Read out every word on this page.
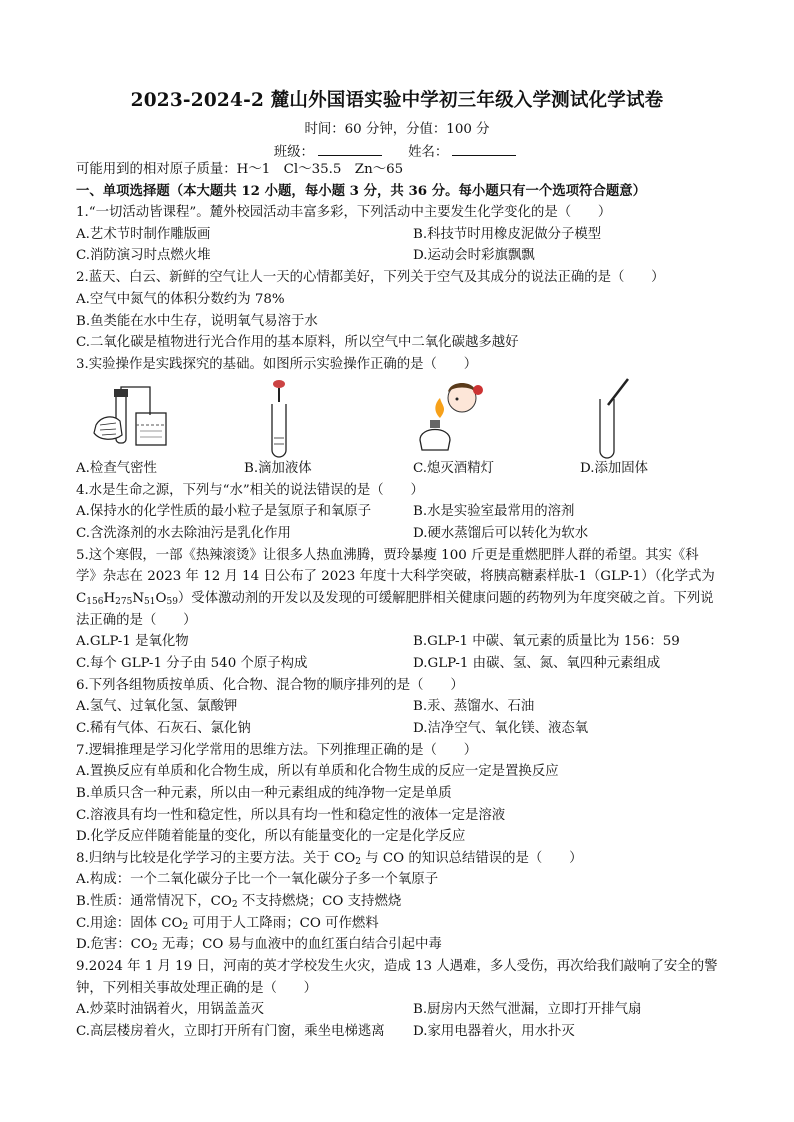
2023-2024-2 麓山外国语实验中学初三年级入学测试化学试卷
时间：60 分钟，分值：100 分
班级：	姓名：
可能用到的相对原子质量：H～1　Cl～35.5　Zn～65
一、单项选择题（本大题共 12 小题，每小题 3 分，共 36 分。每小题只有一个选项符合题意）
1.“一切活动皆课程”。麓外校园活动丰富多彩，下列活动中主要发生化学变化的是（　　）
A.艺术节时制作雕版画	B.科技节时用橡皮泥做分子模型
C.消防演习时点燃火堆	D.运动会时彩旗飘飘
2.蓝天、白云、新鲜的空气让人一天的心情都美好，下列关于空气及其成分的说法正确的是（　　）
A.空气中氮气的体积分数约为 78%
B.鱼类能在水中生存，说明氧气易溶于水
C.二氧化碳是植物进行光合作用的基本原料，所以空气中二氧化碳越多越好
3.实验操作是实践探究的基础。如图所示实验操作正确的是（　　）
A.检查气密性	B.滴加液体	C.熄灭酒精灯	D.添加固体
4.水是生命之源，下列与“水”相关的说法错误的是（　　）
A.保持水的化学性质的最小粒子是氢原子和氧原子	B.水是实验室最常用的溶剂
C.含洗涤剂的水去除油污是乳化作用	D.硬水蒸馏后可以转化为软水
5.这个寒假，一部《热辣滚烫》让很多人热血沸腾，贾玲暴瘦 100 斤更是重燃肥胖人群的希望。其实《科
学》杂志在 2023 年 12 月 14 日公布了 2023 年度十大科学突破，将胰高糖素样肽-1（GLP-1）（化学式为
$C_{156}H_{275}N_{51}O_{59}$）受体激动剂的开发以及发现的可缓解肥胖相关健康问题的药物列为年度突破之首。下列说
法正确的是（　　）
A.GLP-1 是氧化物	B.GLP-1 中碳、氧元素的质量比为 156：59
C.每个 GLP-1 分子由 540 个原子构成	D.GLP-1 由碳、氢、氮、氧四种元素组成
6.下列各组物质按单质、化合物、混合物的顺序排列的是（　　）
A.氢气、过氧化氢、氯酸钾	B.汞、蒸馏水、石油
C.稀有气体、石灰石、氯化钠	D.洁净空气、氧化镁、液态氧
7.逻辑推理是学习化学常用的思维方法。下列推理正确的是（　　）
A.置换反应有单质和化合物生成，所以有单质和化合物生成的反应一定是置换反应
B.单质只含一种元素，所以由一种元素组成的纯净物一定是单质
C.溶液具有均一性和稳定性，所以具有均一性和稳定性的液体一定是溶液
D.化学反应伴随着能量的变化，所以有能量变化的一定是化学反应
8.归纳与比较是化学学习的主要方法。关于 $CO_2$ 与 CO 的知识总结错误的是（　　）
A.构成：一个二氧化碳分子比一个一氧化碳分子多一个氧原子
B.性质：通常情况下，$CO_2$ 不支持燃烧；CO 支持燃烧
C.用途：固体 $CO_2$ 可用于人工降雨；CO 可作燃料
D.危害：$CO_2$ 无毒；CO 易与血液中的血红蛋白结合引起中毒
9.2024 年 1 月 19 日，河南的英才学校发生火灾，造成 13 人遇难，多人受伤，再次给我们敲响了安全的警
钟，下列相关事故处理正确的是（　　）
A.炒菜时油锅着火，用锅盖盖灭	B.厨房内天然气泄漏，立即打开排气扇
C.高层楼房着火，立即打开所有门窗，乘坐电梯逃离 D.家用电器着火，用水扑灭
